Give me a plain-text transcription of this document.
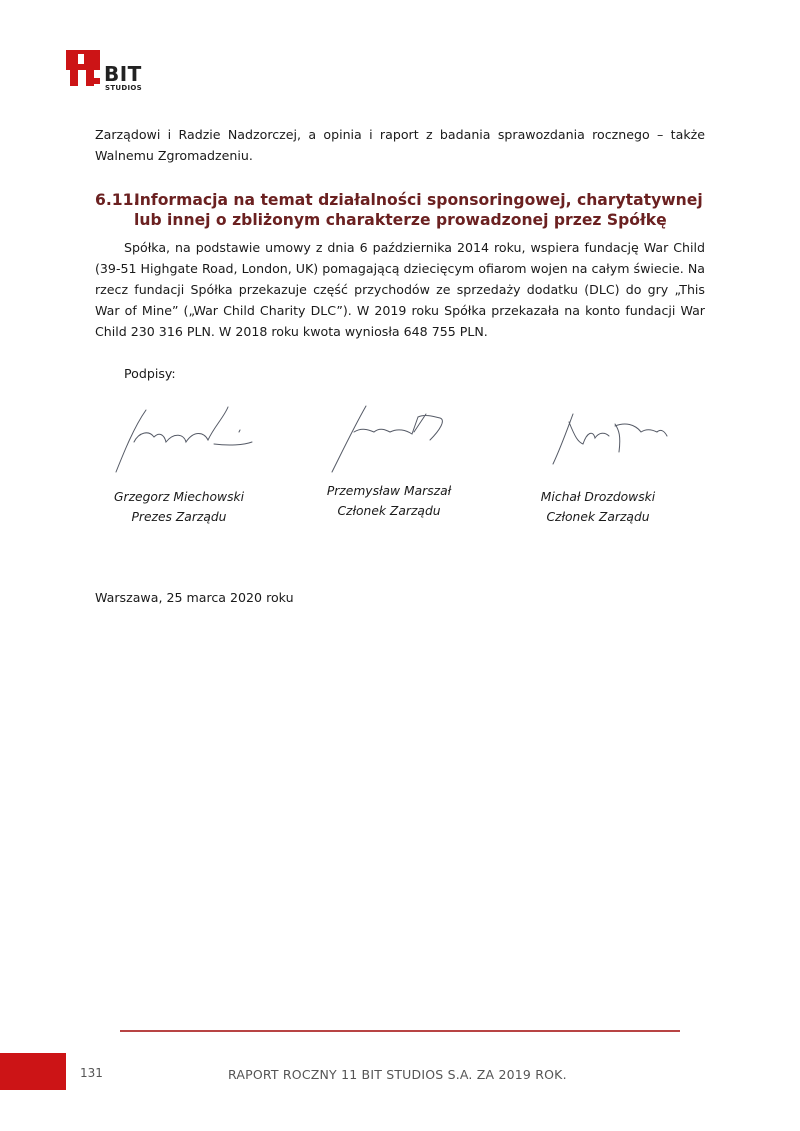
BIT
STUDIOS
Zarządowi i Radzie Nadzorczej, a opinia i raport z badania sprawozdania rocznego – także Walnemu Zgromadzeniu.
6.11.
Informacja na temat działalności sponsoringowej, charytatywnej lub innej o zbliżonym charakterze prowadzonej przez Spółkę
Spółka, na podstawie umowy z dnia 6 października 2014 roku, wspiera fundację War Child (39-51 Highgate Road, London, UK) pomagającą dziecięcym ofiarom wojen na całym świecie. Na rzecz fundacji Spółka przekazuje część przychodów ze sprzedaży dodatku (DLC) do gry „This War of Mine” („War Child Charity DLC”). W 2019 roku Spółka przekazała na konto fundacji War Child 230 316 PLN. W 2018 roku kwota wyniosła 648 755 PLN.
Podpisy:
Grzegorz Miechowski
Prezes Zarządu
Przemysław Marszał
Członek Zarządu
Michał Drozdowski
Członek Zarządu
Warszawa, 25 marca 2020 roku
131	RAPORT ROCZNY 11 BIT STUDIOS S.A. ZA 2019 ROK.
